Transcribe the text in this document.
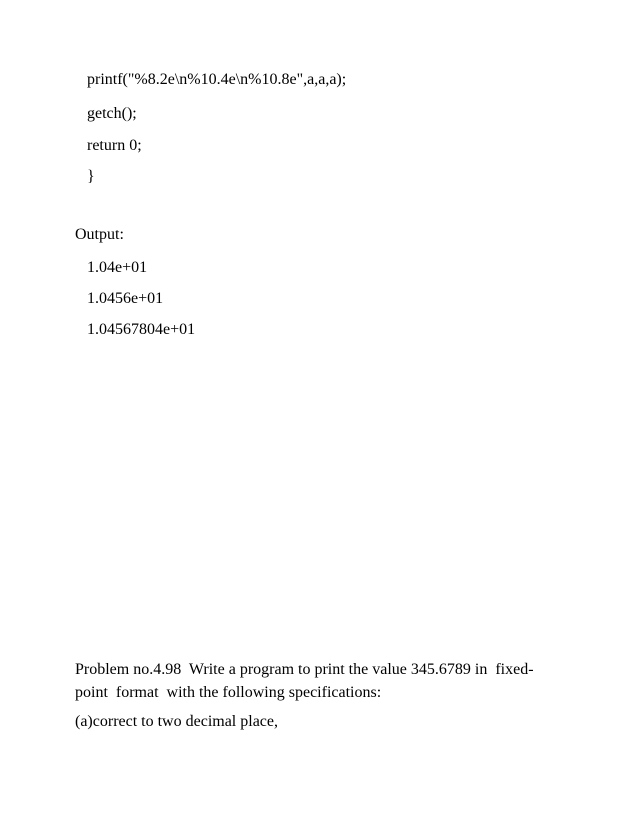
printf("%8.2e\n%10.4e\n%10.8e",a,a,a);
getch();
return 0;
}
Output:
1.04e+01
1.0456e+01
1.04567804e+01
Problem no.4.98  Write a program to print the value 345.6789 in  fixed-
point  format  with the following specifications:
(a)correct to two decimal place,
